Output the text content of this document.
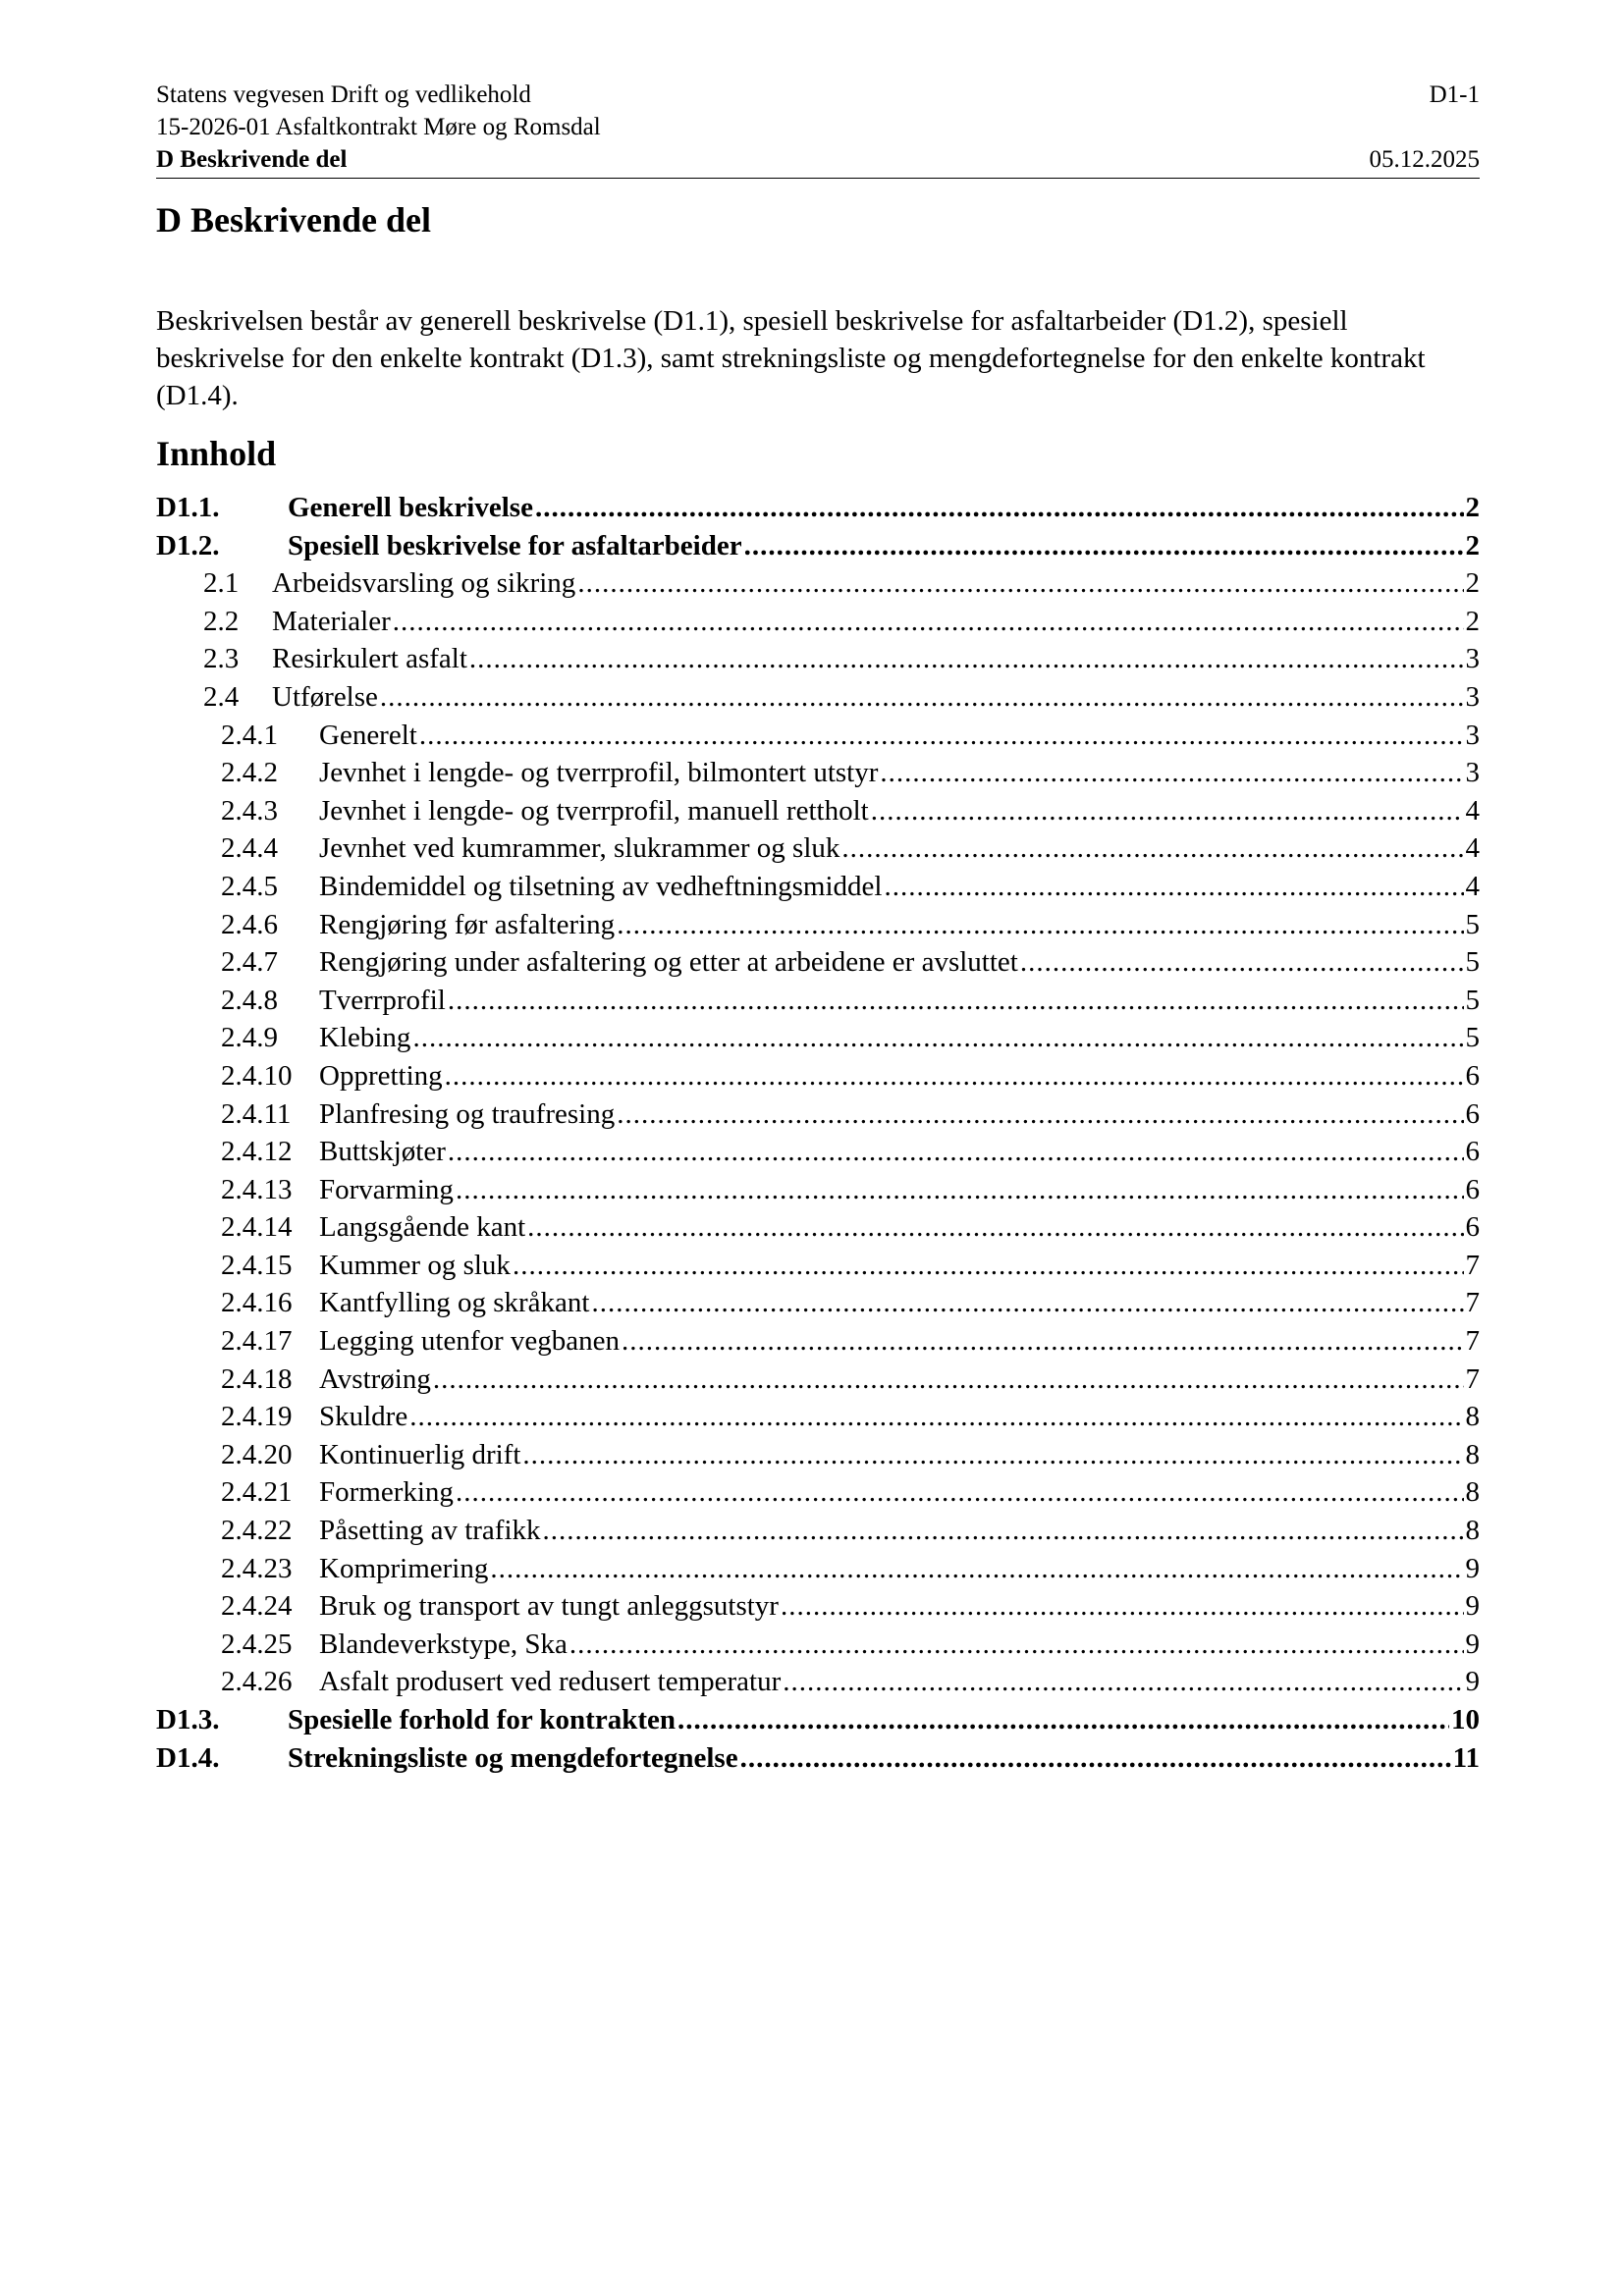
Statens vegvesen Drift og vedlikehold	D1-1
15-2026-01 Asfaltkontrakt Møre og Romsdal
D Beskrivende del	05.12.2025
D Beskrivende del

Beskrivelsen består av generell beskrivelse (D1.1), spesiell beskrivelse for asfaltarbeider (D1.2), spesiell beskrivelse for den enkelte kontrakt (D1.3), samt strekningsliste og mengdefortegnelse for den enkelte kontrakt (D1.4).

Innhold
D1.1.	Generell beskrivelse .....	2
D1.2.	Spesiell beskrivelse for asfaltarbeider .....	2
2.1	Arbeidsvarsling og sikring .....	2
2.2	Materialer .....	2
2.3	Resirkulert asfalt .....	3
2.4	Utførelse .....	3
2.4.1	Generelt .....	3
2.4.2	Jevnhet i lengde- og tverrprofil, bilmontert utstyr .....	3
2.4.3	Jevnhet i lengde- og tverrprofil, manuell rettholt .....	4
2.4.4	Jevnhet ved kumrammer, slukrammer og sluk .....	4
2.4.5	Bindemiddel og tilsetning av vedheftningsmiddel .....	4
2.4.6	Rengjøring før asfaltering .....	5
2.4.7	Rengjøring under asfaltering og etter at arbeidene er avsluttet .....	5
2.4.8	Tverrprofil .....	5
2.4.9	Klebing .....	5
2.4.10 Oppretting .....	6
2.4.11 Planfresing og traufresing .....	6
2.4.12 Buttskjøter .....	6
2.4.13 Forvarming .....	6
2.4.14 Langsgående kant .....	6
2.4.15 Kummer og sluk .....	7
2.4.16 Kantfylling og skråkant .....	7
2.4.17 Legging utenfor vegbanen .....	7
2.4.18 Avstrøing .....	7
2.4.19 Skuldre .....	8
2.4.20 Kontinuerlig drift .....	8
2.4.21 Formerking .....	8
2.4.22 Påsetting av trafikk .....	8
2.4.23 Komprimering .....	9
2.4.24 Bruk og transport av tungt anleggsutstyr .....	9
2.4.25 Blandeverkstype, Ska .....	9
2.4.26 Asfalt produsert ved redusert temperatur .....	9
D1.3.	Spesielle forhold for kontrakten .....	10
D1.4.	Strekningsliste og mengdefortegnelse .....	11
